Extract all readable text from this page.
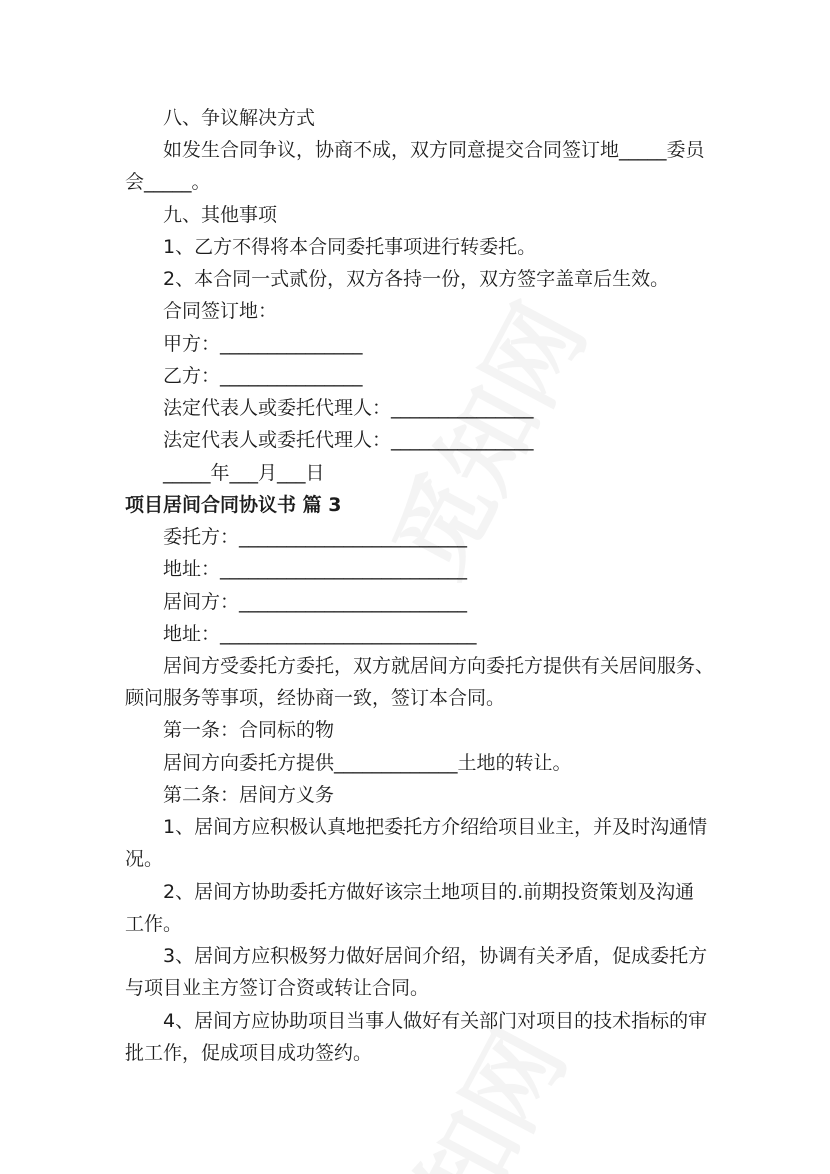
八、争议解决方式
如发生合同争议，协商不成，双方同意提交合同签订地_____委员
会_____。
九、其他事项
1、乙方不得将本合同委托事项进行转委托。
2、本合同一式贰份，双方各持一份，双方签字盖章后生效。
合同签订地：
甲方：_______________
乙方：_______________
法定代表人或委托代理人：_______________
法定代表人或委托代理人：_______________
_____年___月___日
项目居间合同协议书 篇 3
委托方：________________________
地址：__________________________
居间方：________________________
地址：___________________________
居间方受委托方委托，双方就居间方向委托方提供有关居间服务、
顾问服务等事项，经协商一致，签订本合同。
第一条：合同标的物
居间方向委托方提供_____________土地的转让。
第二条：居间方义务
1、居间方应积极认真地把委托方介绍给项目业主，并及时沟通情
况。
2、居间方协助委托方做好该宗土地项目的.前期投资策划及沟通
工作。
3、居间方应积极努力做好居间介绍，协调有关矛盾，促成委托方
与项目业主方签订合资或转让合同。
4、居间方应协助项目当事人做好有关部门对项目的技术指标的审
批工作，促成项目成功签约。
